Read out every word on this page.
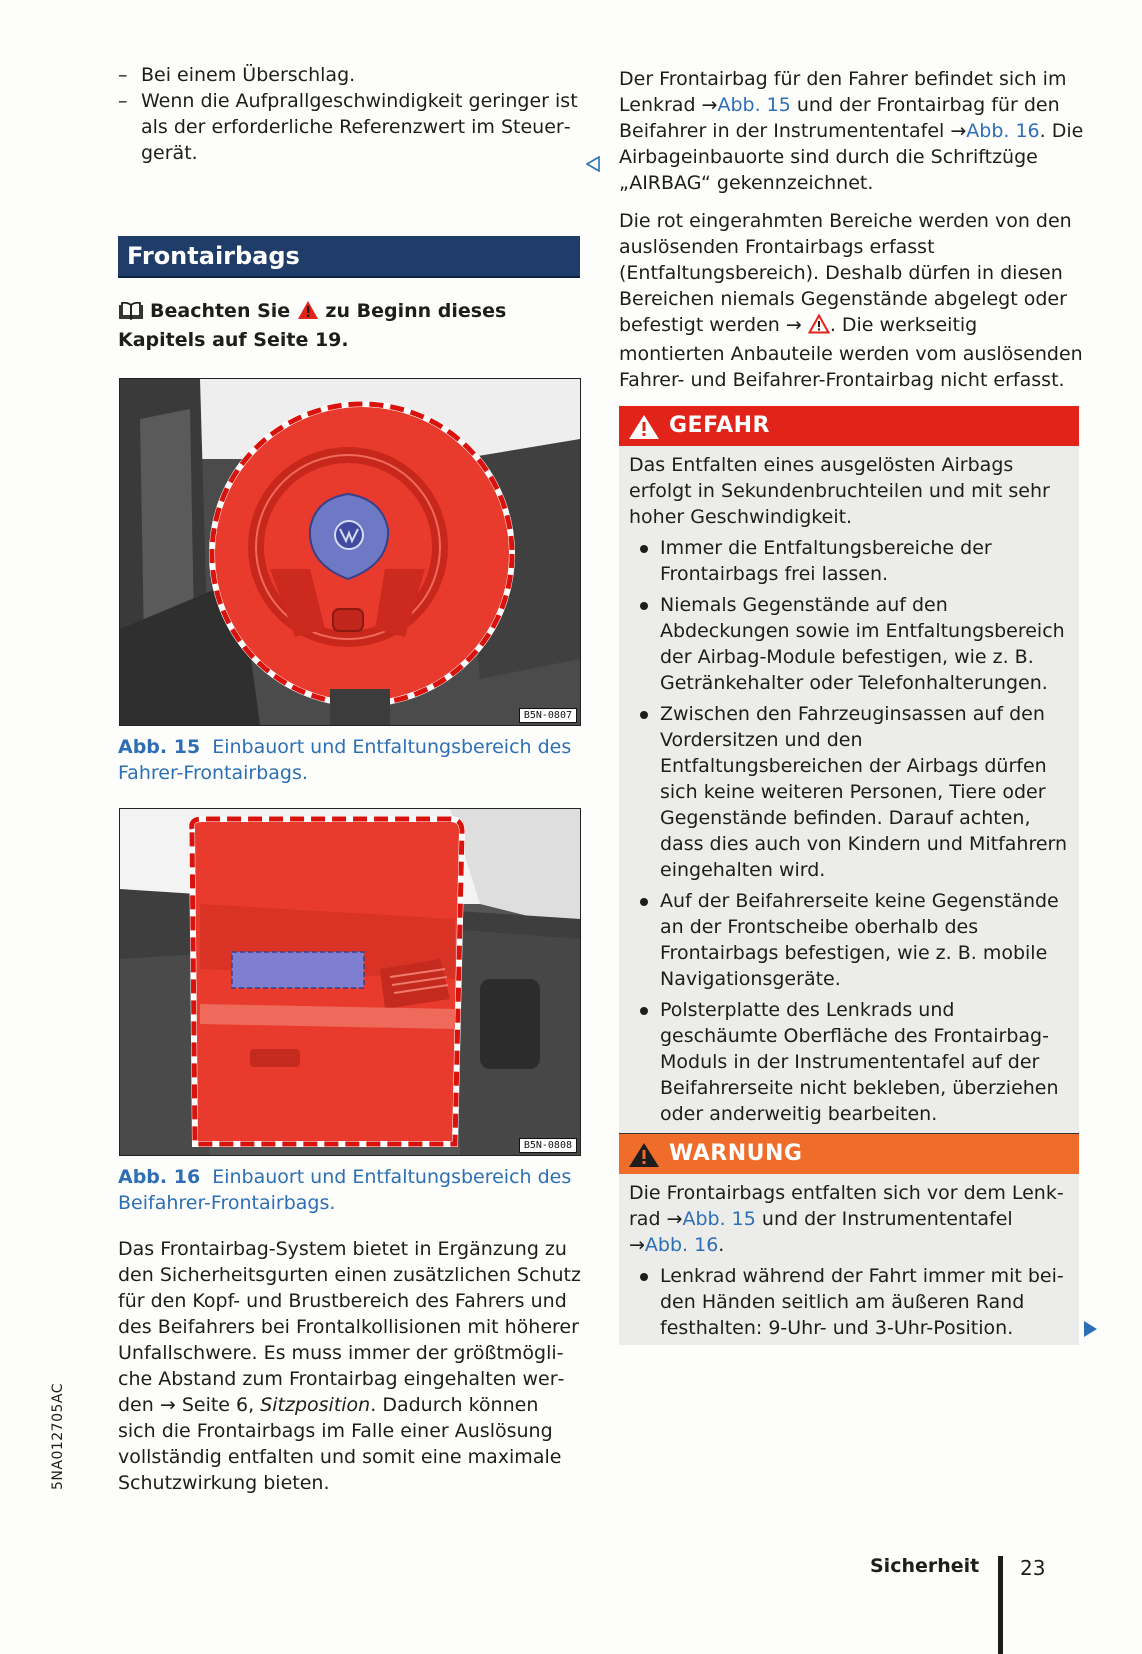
– Bei einem Überschlag.
– Wenn die Aufprallgeschwindigkeit geringer ist als der erforderliche Referenzwert im Steuergerät.
Frontairbags
Beachten Sie zu Beginn dieses Kapitels auf Seite 19.
B5N-0807
Abb. 15 Einbauort und Entfaltungsbereich des Fahrer-Frontairbags.
B5N-0808
Abb. 16 Einbauort und Entfaltungsbereich des Beifahrer-Frontairbags.

Das Frontairbag-System bietet in Ergänzung zu den Sicherheitsgurten einen zusätzlichen Schutz für den Kopf- und Brustbereich des Fahrers und des Beifahrers bei Frontalkollisionen mit höherer Unfallschwere. Es muss immer der größtmögliche Abstand zum Frontairbag eingehalten werden → Seite 6, Sitzposition. Dadurch können sich die Frontairbags im Falle einer Auslösung vollständig entfalten und somit eine maximale Schutzwirkung bieten.

Der Frontairbag für den Fahrer befindet sich im Lenkrad →Abb. 15 und der Frontairbag für den Beifahrer in der Instrumententafel →Abb. 16. Die Airbageinbauorte sind durch die Schriftzüge „AIRBAG“ gekennzeichnet.

Die rot eingerahmten Bereiche werden von den auslösenden Frontairbags erfasst (Entfaltungsbereich). Deshalb dürfen in diesen Bereichen niemals Gegenstände abgelegt oder befestigt werden → . Die werkseitig montierten Anbauteile werden vom auslösenden Fahrer- und Beifahrer-Frontairbag nicht erfasst.

GEFAHR

Das Entfalten eines ausgelösten Airbags erfolgt in Sekundenbruchteilen und mit sehr hoher Geschwindigkeit.

Immer die Entfaltungsbereiche der Frontairbags frei lassen.
Niemals Gegenstände auf den Abdeckungen sowie im Entfaltungsbereich der Airbag-Module befestigen, wie z. B. Getränkehalter oder Telefonhalterungen.
Zwischen den Fahrzeuginsassen auf den Vordersitzen und den Entfaltungsbereichen der Airbags dürfen sich keine weiteren Personen, Tiere oder Gegenstände befinden. Darauf achten, dass dies auch von Kindern und Mitfahrern eingehalten wird.
Auf der Beifahrerseite keine Gegenstände an der Frontscheibe oberhalb des Frontairbags befestigen, wie z. B. mobile Navigationsgeräte.
Polsterplatte des Lenkrads und geschäumte Oberfläche des Frontairbag-Moduls in der Instrumententafel auf der Beifahrerseite nicht bekleben, überziehen oder anderweitig bearbeiten.
WARNUNG

Die Frontairbags entfalten sich vor dem Lenkrad →Abb. 15 und der Instrumententafel →Abb. 16.

Lenkrad während der Fahrt immer mit beiden Händen seitlich am äußeren Rand festhalten: 9-Uhr- und 3-Uhr-Position.
Sicherheit 23
5NA012705AC
